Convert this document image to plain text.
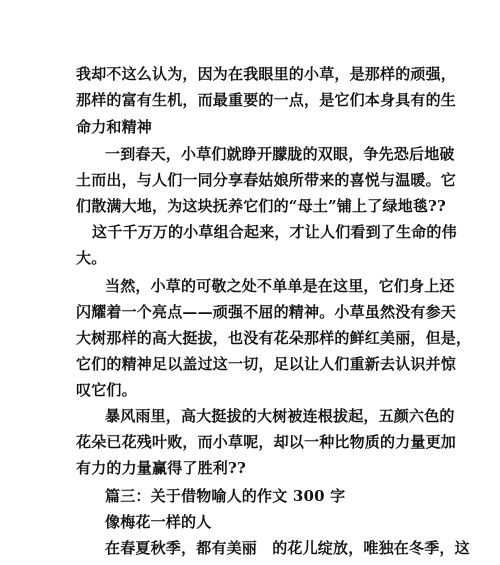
我却不这么认为，因为在我眼里的小草，是那样的顽强，
那样的富有生机，而最重要的一点，是它们本身具有的生
命力和精神
一到春天，小草们就睁开朦胧的双眼，争先恐后地破
土而出，与人们一同分享春姑娘所带来的喜悦与温暖。它
们散满大地，为这块抚养它们的“母土”铺上了绿地毯??
这千千万万的小草组合起来，才让人们看到了生命的伟
大。
当然，小草的可敬之处不单单是在这里，它们身上还
闪耀着一个亮点——顽强不屈的精神。小草虽然没有参天
大树那样的高大挺拔，也没有花朵那样的鲜红美丽，但是，
它们的精神足以盖过这一切，足以让人们重新去认识并惊
叹它们。
暴风雨里，高大挺拔的大树被连根拔起，五颜六色的
花朵已花残叶败，而小草呢，却以一种比物质的力量更加
有力的力量赢得了胜利??
篇三：关于借物喻人的作文 300 字
像梅花一样的人
在春夏秋季，都有美丽　的花儿绽放，唯独在冬季，这
